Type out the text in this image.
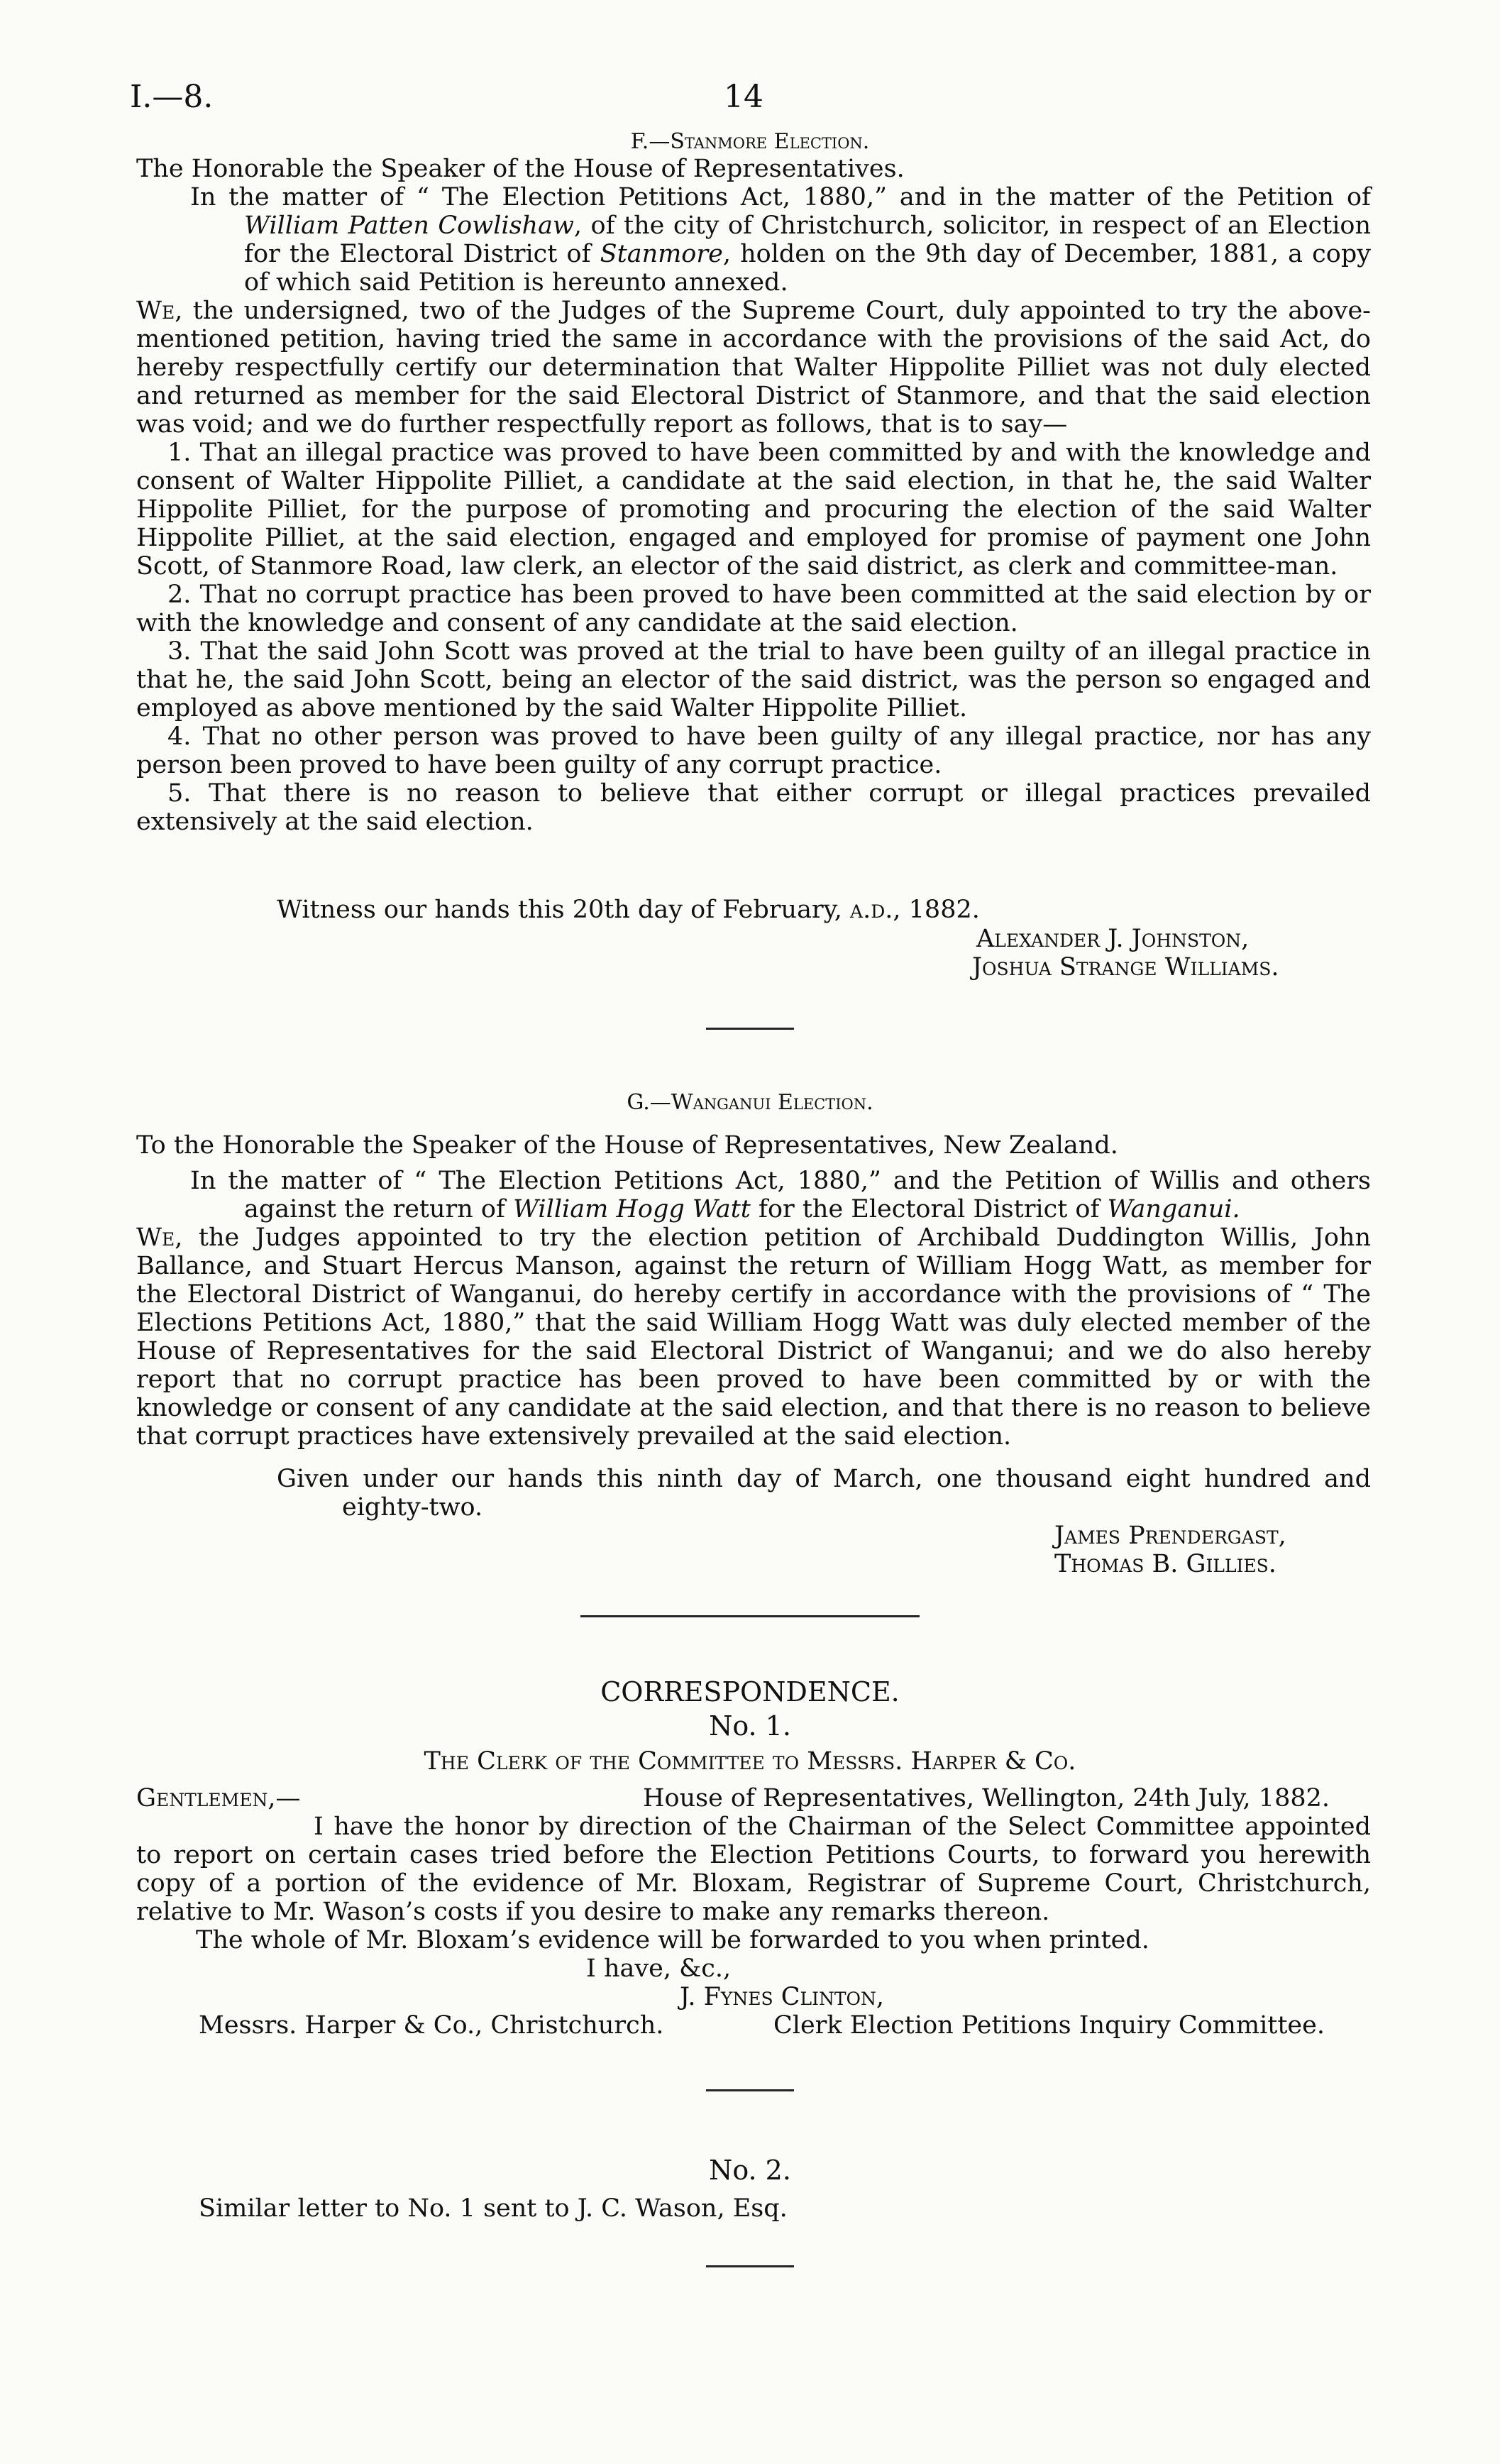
I.—8.	14
F.—Stanmore Election.
The Honorable the Speaker of the House of Representatives.

In the matter of “ The Election Petitions Act, 1880,” and in the matter of the Petition of William Patten Cowlishaw, of the city of Christchurch, solicitor, in respect of an Election for the Electoral District of Stanmore, holden on the 9th day of December, 1881, a copy of which said Petition is hereunto annexed.

We, the undersigned, two of the Judges of the Supreme Court, duly appointed to try the above-mentioned petition, having tried the same in accordance with the provisions of the said Act, do hereby respectfully certify our determination that Walter Hippolite Pilliet was not duly elected and returned as member for the said Electoral District of Stanmore, and that the said election was void; and we do further respectfully report as follows, that is to say—

1. That an illegal practice was proved to have been committed by and with the knowledge and consent of Walter Hippolite Pilliet, a candidate at the said election, in that he, the said Walter Hippolite Pilliet, for the purpose of promoting and procuring the election of the said Walter Hippolite Pilliet, at the said election, engaged and employed for promise of payment one John Scott, of Stanmore Road, law clerk, an elector of the said district, as clerk and committee-man.

2. That no corrupt practice has been proved to have been committed at the said election by or with the knowledge and consent of any candidate at the said election.

3. That the said John Scott was proved at the trial to have been guilty of an illegal practice in that he, the said John Scott, being an elector of the said district, was the person so engaged and employed as above mentioned by the said Walter Hippolite Pilliet.

4. That no other person was proved to have been guilty of any illegal practice, nor has any person been proved to have been guilty of any corrupt practice.

5. That there is no reason to believe that either corrupt or illegal practices prevailed extensively at the said election.

Witness our hands this 20th day of February, a.d., 1882.
Alexander J. Johnston,
Joshua Strange Williams.
G.—Wanganui Election.
To the Honorable the Speaker of the House of Representatives, New Zealand.

In the matter of “ The Election Petitions Act, 1880,” and the Petition of Willis and others against the return of William Hogg Watt for the Electoral District of Wanganui.

We, the Judges appointed to try the election petition of Archibald Duddington Willis, John Ballance, and Stuart Hercus Manson, against the return of William Hogg Watt, as member for the Electoral District of Wanganui, do hereby certify in accordance with the provisions of “ The Elections Petitions Act, 1880,” that the said William Hogg Watt was duly elected member of the House of Representatives for the said Electoral District of Wanganui; and we do also hereby report that no corrupt practice has been proved to have been committed by or with the knowledge or consent of any candidate at the said election, and that there is no reason to believe that corrupt practices have extensively prevailed at the said election.

Given under our hands this ninth day of March, one thousand eight hundred and eighty-two.

James Prendergast,
Thomas B. Gillies.
CORRESPONDENCE.
No. 1.
The Clerk of the Committee to Messrs. Harper & Co.
Gentlemen,—	House of Representatives, Wellington, 24th July, 1882.

I have the honor by direction of the Chairman of the Select Committee appointed to report on certain cases tried before the Election Petitions Courts, to forward you herewith copy of a portion of the evidence of Mr. Bloxam, Registrar of Supreme Court, Christchurch, relative to Mr. Wason’s costs if you desire to make any remarks thereon.

The whole of Mr. Bloxam’s evidence will be forwarded to you when printed.

I have, &c.,
J. Fynes Clinton,
Messrs. Harper & Co., Christchurch.	Clerk Election Petitions Inquiry Committee.
No. 2.
Similar letter to No. 1 sent to J. C. Wason, Esq.
